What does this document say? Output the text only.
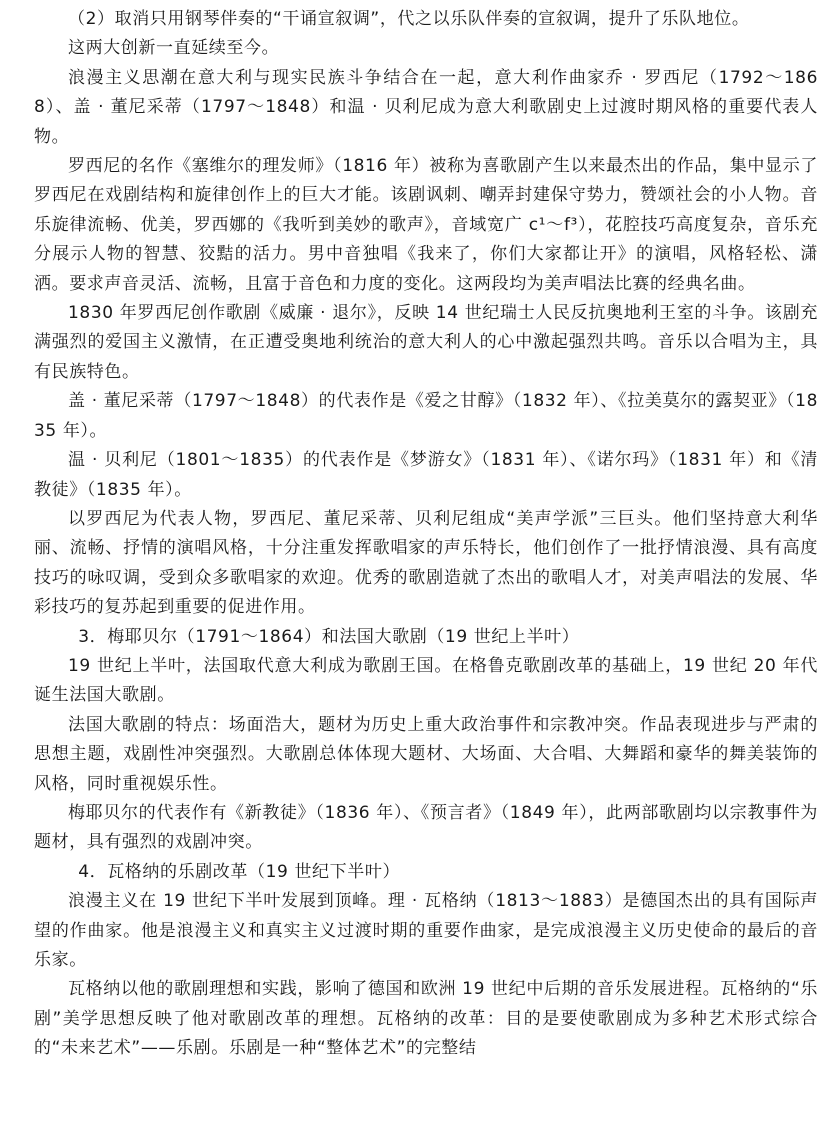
（2）取消只用钢琴伴奏的“干诵宣叙调”，代之以乐队伴奏的宣叙调，提升了乐队地位。

这两大创新一直延续至今。

浪漫主义思潮在意大利与现实民族斗争结合在一起，意大利作曲家乔 · 罗西尼（1792～1868）、盖 · 董尼采蒂（1797～1848）和温 · 贝利尼成为意大利歌剧史上过渡时期风格的重要代表人物。

罗西尼的名作《塞维尔的理发师》（1816 年）被称为喜歌剧产生以来最杰出的作品，集中显示了罗西尼在戏剧结构和旋律创作上的巨大才能。该剧讽刺、嘲弄封建保守势力，赞颂社会的小人物。音乐旋律流畅、优美，罗西娜的《我听到美妙的歌声》，音域宽广 c¹～f³），花腔技巧高度复杂，音乐充分展示人物的智慧、狡黠的活力。男中音独唱《我来了，你们大家都让开》的演唱，风格轻松、潇洒。要求声音灵活、流畅，且富于音色和力度的变化。这两段均为美声唱法比赛的经典名曲。

1830 年罗西尼创作歌剧《威廉 · 退尔》，反映 14 世纪瑞士人民反抗奥地利王室的斗争。该剧充满强烈的爱国主义激情，在正遭受奥地利统治的意大利人的心中激起强烈共鸣。音乐以合唱为主，具有民族特色。

盖 · 董尼采蒂（1797～1848）的代表作是《爱之甘醇》（1832 年）、《拉美莫尔的露契亚》（1835 年）。

温 · 贝利尼（1801～1835）的代表作是《梦游女》（1831 年）、《诺尔玛》（1831 年）和《清教徒》（1835 年）。

以罗西尼为代表人物，罗西尼、董尼采蒂、贝利尼组成“美声学派”三巨头。他们坚持意大利华丽、流畅、抒情的演唱风格，十分注重发挥歌唱家的声乐特长，他们创作了一批抒情浪漫、具有高度技巧的咏叹调，受到众多歌唱家的欢迎。优秀的歌剧造就了杰出的歌唱人才，对美声唱法的发展、华彩技巧的复苏起到重要的促进作用。

3．梅耶贝尔（1791～1864）和法国大歌剧（19 世纪上半叶）

19 世纪上半叶，法国取代意大利成为歌剧王国。在格鲁克歌剧改革的基础上，19 世纪 20 年代诞生法国大歌剧。

法国大歌剧的特点：场面浩大，题材为历史上重大政治事件和宗教冲突。作品表现进步与严肃的思想主题，戏剧性冲突强烈。大歌剧总体体现大题材、大场面、大合唱、大舞蹈和豪华的舞美装饰的风格，同时重视娱乐性。

梅耶贝尔的代表作有《新教徒》（1836 年）、《预言者》（1849 年），此两部歌剧均以宗教事件为题材，具有强烈的戏剧冲突。

4．瓦格纳的乐剧改革（19 世纪下半叶）

浪漫主义在 19 世纪下半叶发展到顶峰。理 · 瓦格纳（1813～1883）是德国杰出的具有国际声望的作曲家。他是浪漫主义和真实主义过渡时期的重要作曲家，是完成浪漫主义历史使命的最后的音乐家。

瓦格纳以他的歌剧理想和实践，影响了德国和欧洲 19 世纪中后期的音乐发展进程。瓦格纳的“乐剧”美学思想反映了他对歌剧改革的理想。瓦格纳的改革：目的是要使歌剧成为多种艺术形式综合的“未来艺术”——乐剧。乐剧是一种“整体艺术”的完整结
